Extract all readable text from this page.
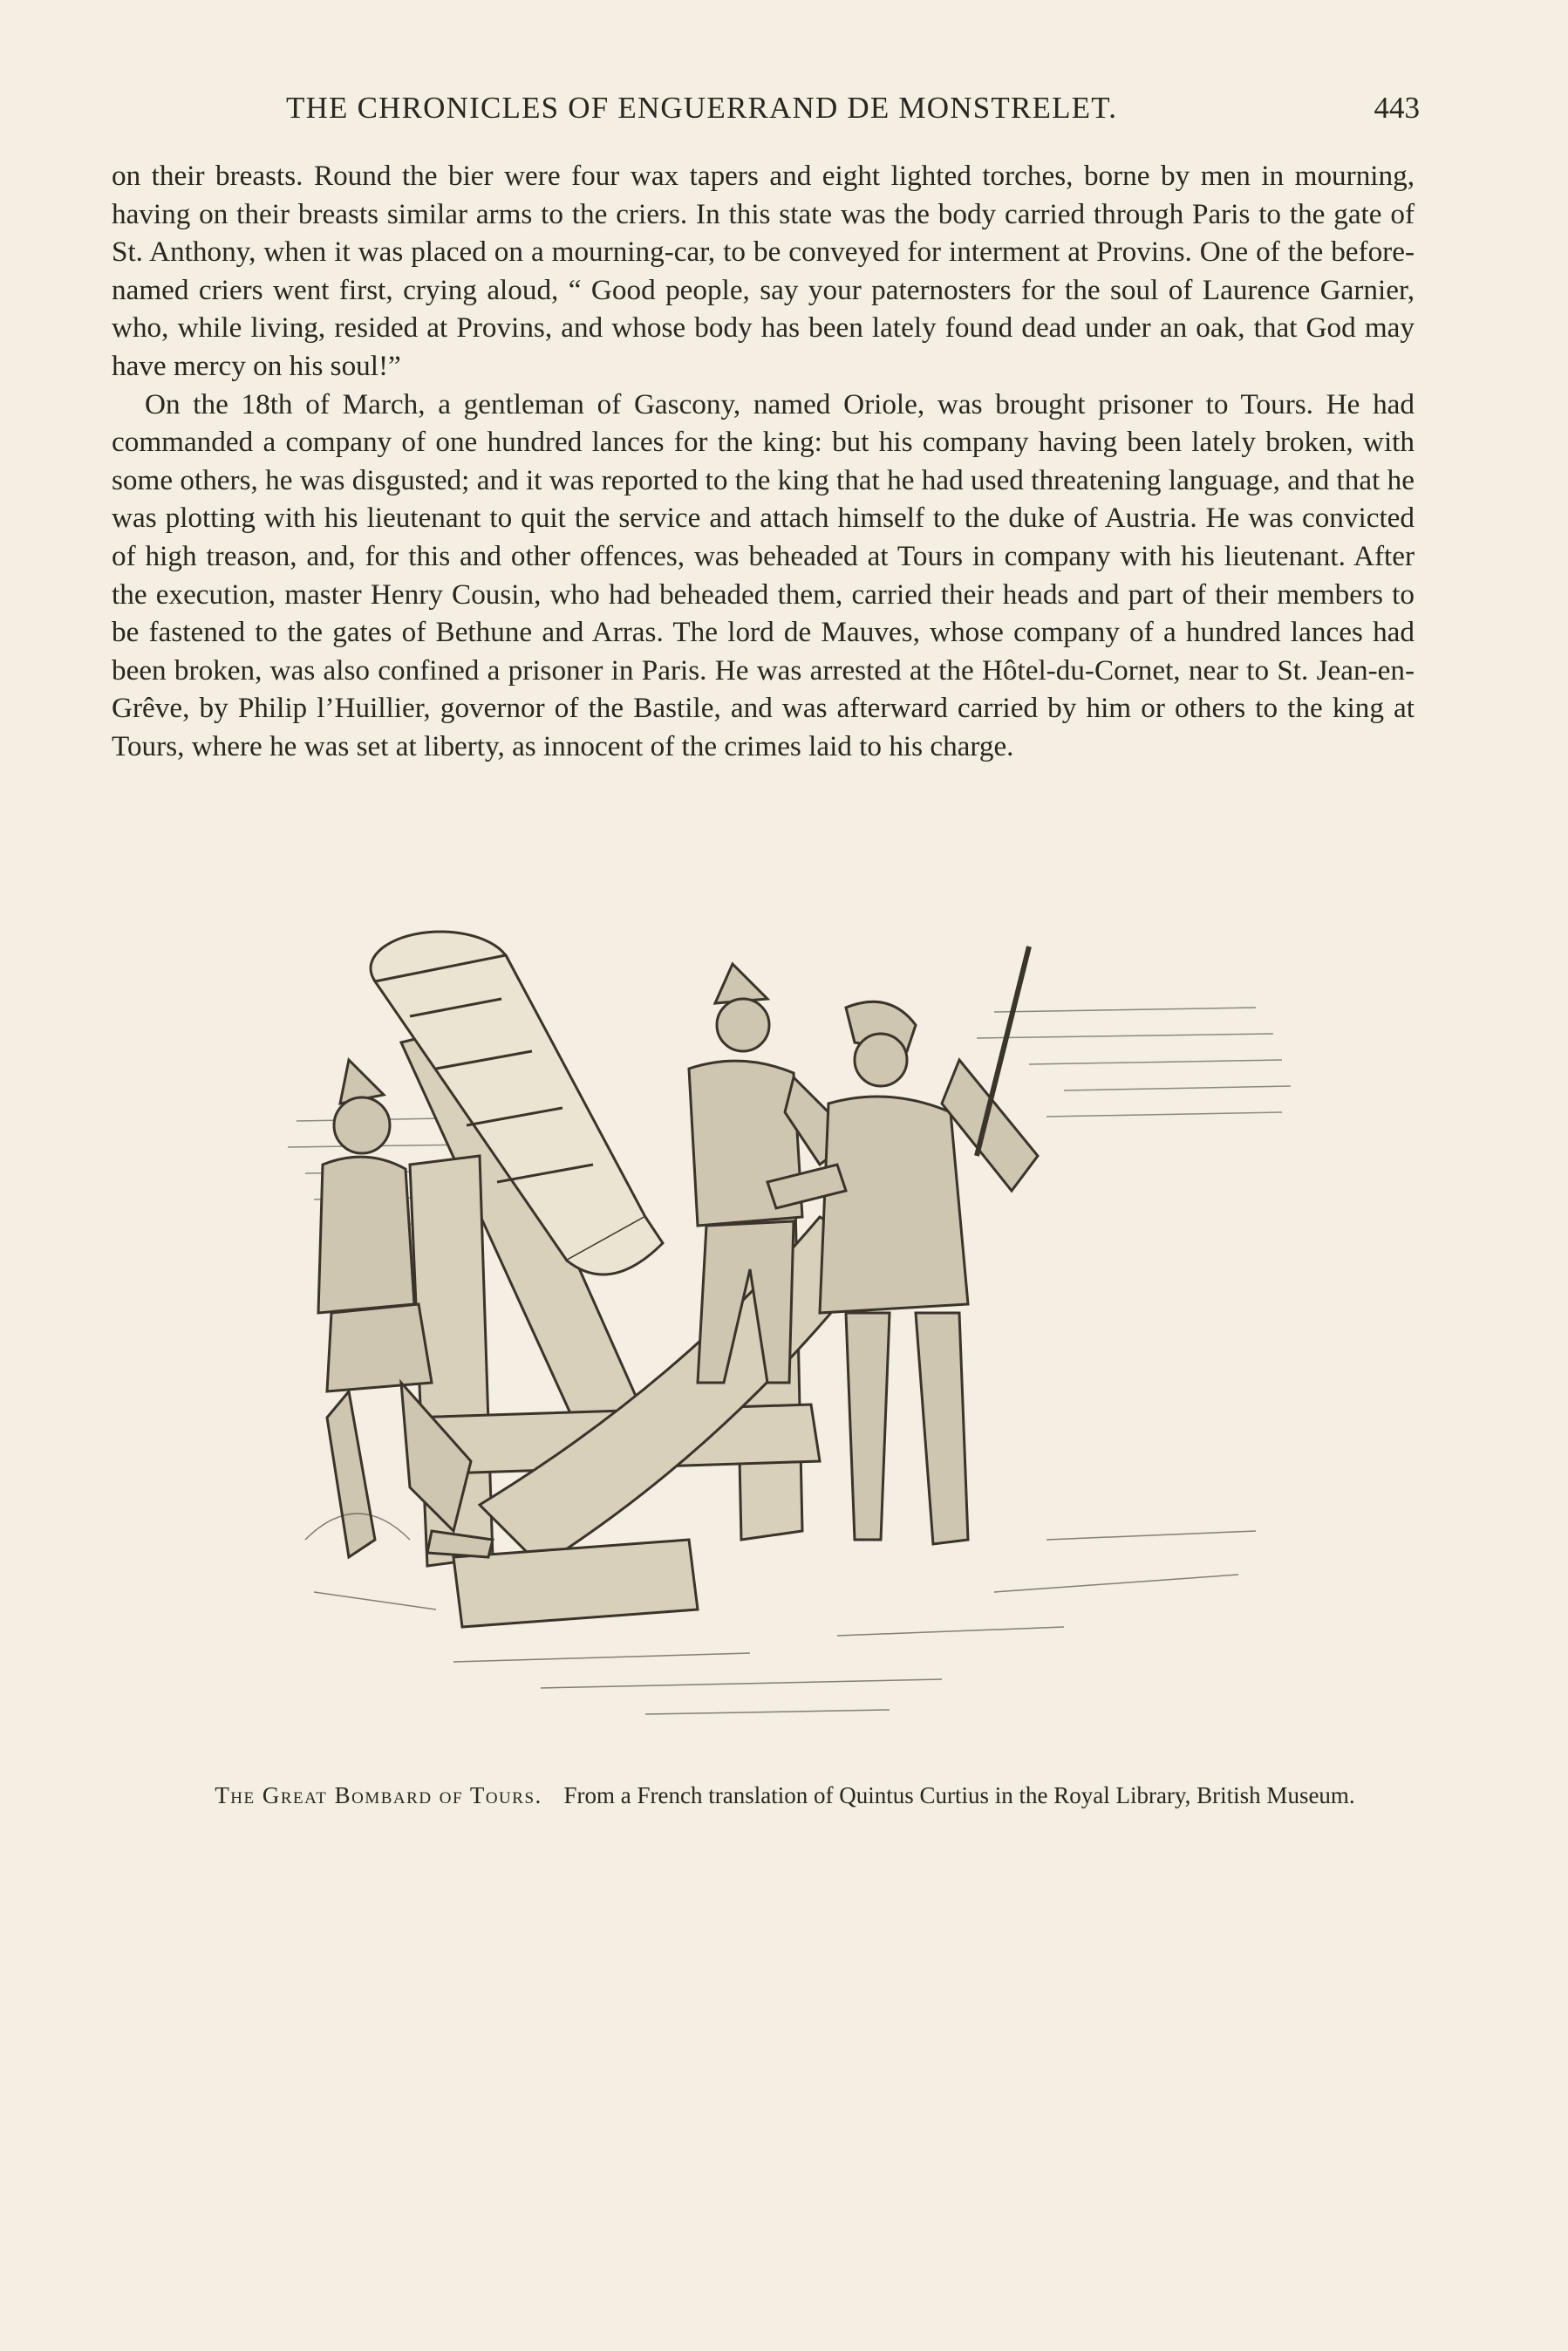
THE CHRONICLES OF ENGUERRAND DE MONSTRELET.	443

on their breasts. Round the bier were four wax tapers and eight lighted torches, borne by men in mourning, having on their breasts similar arms to the criers. In this state was the body carried through Paris to the gate of St. Anthony, when it was placed on a mourning-car, to be conveyed for interment at Provins. One of the before-named criers went first, crying aloud, “ Good people, say your paternosters for the soul of Laurence Garnier, who, while living, resided at Provins, and whose body has been lately found dead under an oak, that God may have mercy on his soul!”

On the 18th of March, a gentleman of Gascony, named Oriole, was brought prisoner to Tours. He had commanded a company of one hundred lances for the king: but his company having been lately broken, with some others, he was disgusted; and it was reported to the king that he had used threatening language, and that he was plotting with his lieutenant to quit the service and attach himself to the duke of Austria. He was convicted of high treason, and, for this and other offences, was beheaded at Tours in company with his lieutenant. After the execution, master Henry Cousin, who had beheaded them, carried their heads and part of their members to be fastened to the gates of Bethune and Arras. The lord de Mauves, whose company of a hundred lances had been broken, was also confined a prisoner in Paris. He was arrested at the Hôtel-du-Cornet, near to St. Jean-en-Grêve, by Philip l’Huillier, governor of the Bastile, and was afterward carried by him or others to the king at Tours, where he was set at liberty, as innocent of the crimes laid to his charge.

The Great Bombard of Tours. From a French translation of Quintus Curtius in the Royal Library, British Museum.
